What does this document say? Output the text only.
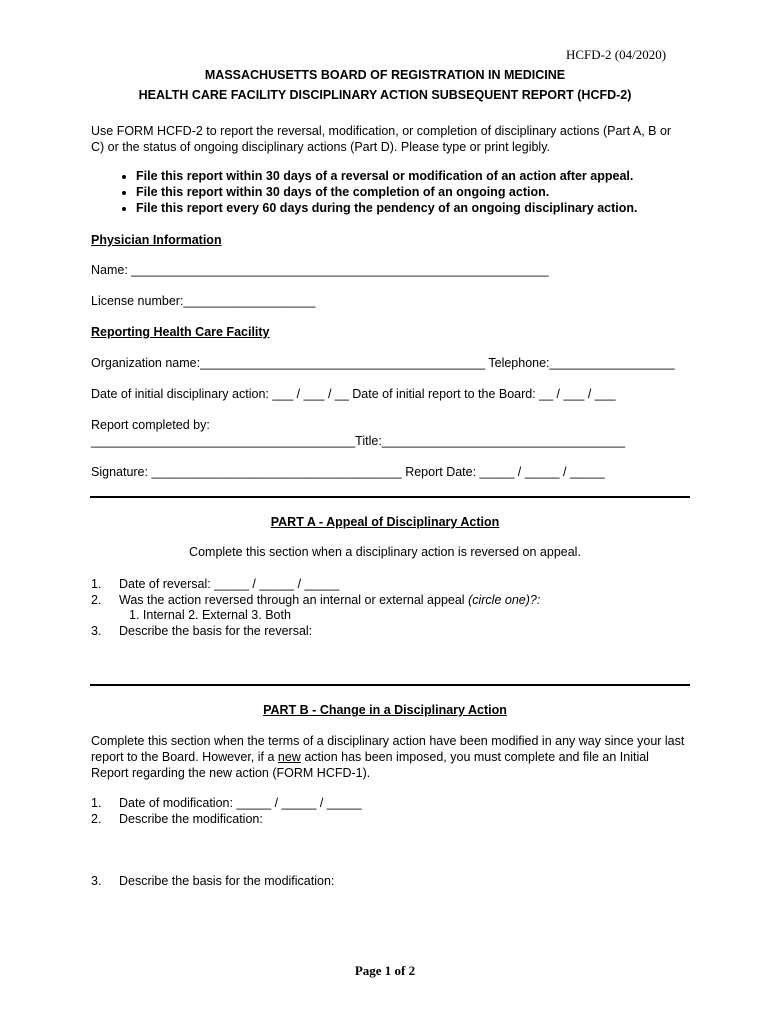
HCFD-2 (04/2020)
MASSACHUSETTS BOARD OF REGISTRATION IN MEDICINE
HEALTH CARE FACILITY DISCIPLINARY ACTION SUBSEQUENT REPORT (HCFD-2)
Use FORM HCFD-2 to report the reversal, modification, or completion of disciplinary actions (Part A, B or
C) or the status of ongoing disciplinary actions (Part D). Please type or print legibly.
• File this report within 30 days of a reversal or modification of an action after appeal.
• File this report within 30 days of the completion of an ongoing action.
• File this report every 60 days during the pendency of an ongoing disciplinary action.
Physician Information
Name: ____________________________________________________________
License number:___________________
Reporting Health Care Facility
Organization name:_________________________________________ Telephone:__________________
Date of initial disciplinary action: ___ / ___ / __ Date of initial report to the Board: __ / ___ / ___
Report completed by:
______________________________________Title:___________________________________
Signature: ____________________________________ Report Date: _____ / _____ / _____
PART A - Appeal of Disciplinary Action
Complete this section when a disciplinary action is reversed on appeal.
1. Date of reversal: _____ / _____ / _____
2. Was the action reversed through an internal or external appeal (circle one)?:
1. Internal 2. External 3. Both
3. Describe the basis for the reversal:
PART B - Change in a Disciplinary Action
Complete this section when the terms of a disciplinary action have been modified in any way since your last
report to the Board. However, if a new action has been imposed, you must complete and file an Initial
Report regarding the new action (FORM HCFD-1).
1. Date of modification: _____ / _____ / _____
2. Describe the modification:
3. Describe the basis for the modification:
Page 1 of 2
